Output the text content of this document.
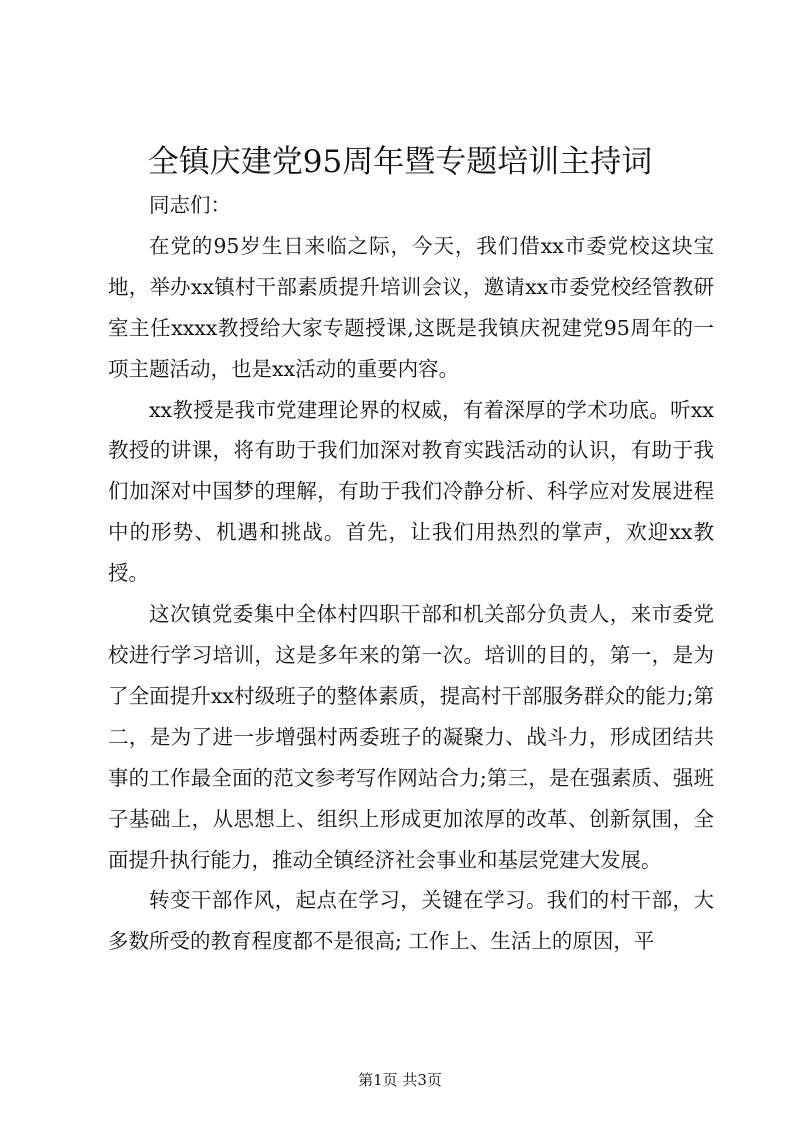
全镇庆建党95周年暨专题培训主持词

同志们：

在党的95岁生日来临之际，今天，我们借xx市委党校这块宝地，举办xx镇村干部素质提升培训会议，邀请xx市委党校经管教研室主任xxxx教授给大家专题授课,这既是我镇庆祝建党95周年的一项主题活动，也是xx活动的重要内容。

xx教授是我市党建理论界的权威，有着深厚的学术功底。听xx教授的讲课，将有助于我们加深对教育实践活动的认识，有助于我们加深对中国梦的理解，有助于我们冷静分析、科学应对发展进程中的形势、机遇和挑战。首先，让我们用热烈的掌声，欢迎xx教授。

这次镇党委集中全体村四职干部和机关部分负责人，来市委党校进行学习培训，这是多年来的第一次。培训的目的，第一，是为了全面提升xx村级班子的整体素质，提高村干部服务群众的能力;第二，是为了进一步增强村两委班子的凝聚力、战斗力，形成团结共事的工作最全面的范文参考写作网站合力;第三，是在强素质、强班子基础上，从思想上、组织上形成更加浓厚的改革、创新氛围，全面提升执行能力，推动全镇经济社会事业和基层党建大发展。

转变干部作风，起点在学习，关键在学习。我们的村干部，大多数所受的教育程度都不是很高; 工作上、生活上的原因，平

第1页 共3页
